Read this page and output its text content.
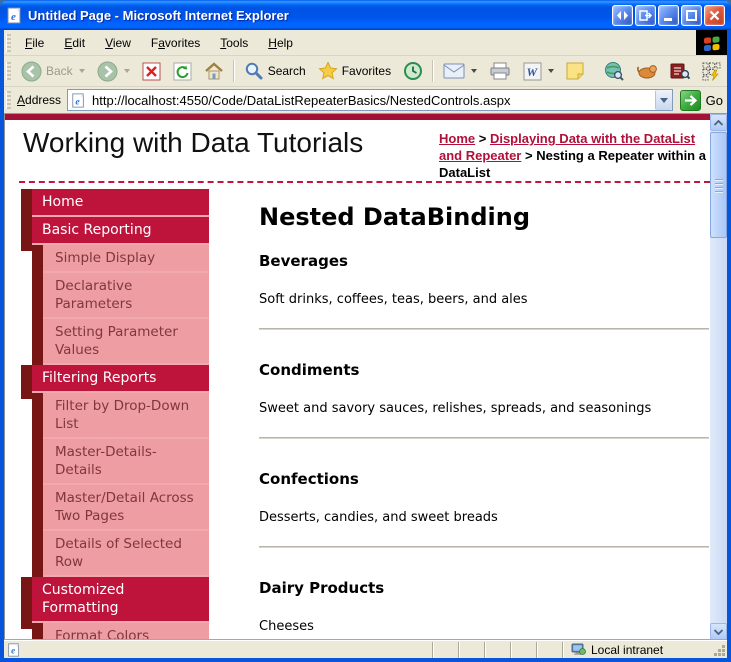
e Untitled Page - Microsoft Internet Explorer
File	Edit	View	Favorites	Tools	Help
Back	Search	Favorites	W
Address e
http://localhost:4550/Code/DataListRepeaterBasics/NestedControls.aspx	Go
Working with Data Tutorials	Home > Displaying Data with the DataList and Repeater > Nesting a Repeater within a DataList
Home
Basic Reporting
Simple Display
Declarative Parameters
Setting Parameter Values
Filtering Reports
Filter by Drop-Down List
Master-Details-Details
Master/Detail Across Two Pages
Details of Selected Row
Customized Formatting
Format Colors
Nested DataBinding
Beverages
Soft drinks, coffees, teas, beers, and ales
Condiments
Sweet and savory sauces, relishes, spreads, and seasonings
Confections
Desserts, candies, and sweet breads
Dairy Products
Cheeses
e	Local intranet
